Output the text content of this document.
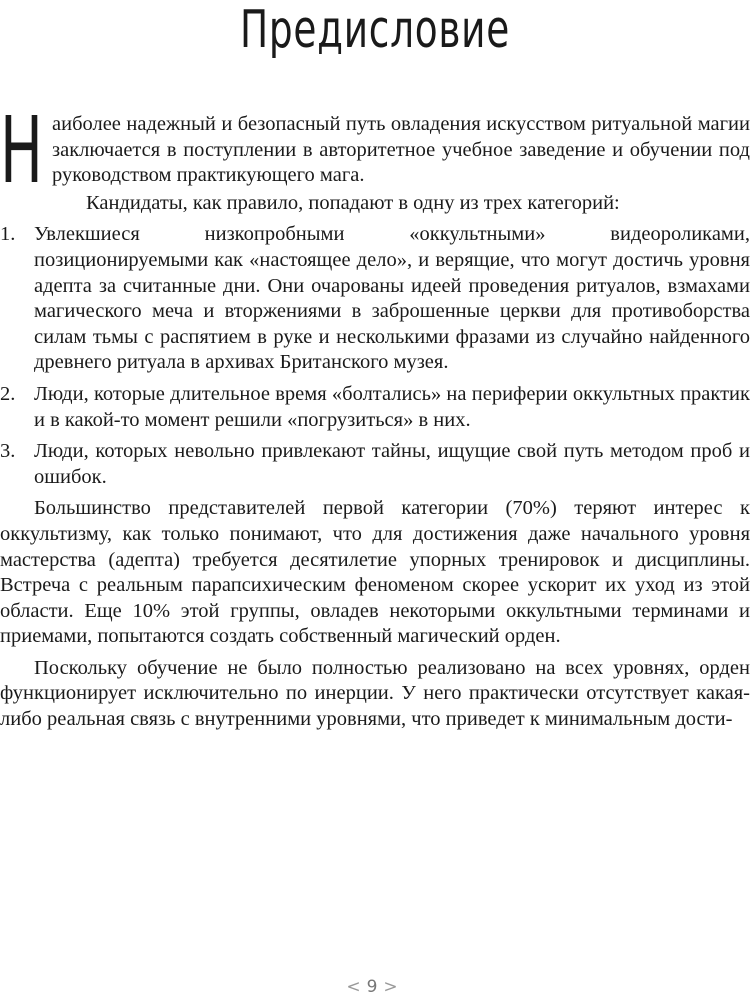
Предисловие

Наиболее надежный и безопасный путь овладения искусством ритуальной магии заключается в поступлении в авторитетное учебное заведение и обучении под руководством практикующего мага.

Кандидаты, как правило, попадают в одну из трех категорий:

1. Увлекшиеся низкопробными «оккультными» видеороликами, позиционируемыми как «настоящее дело», и верящие, что могут достичь уровня адепта за считанные дни. Они очарованы идеей проведения ритуалов, взмахами магического меча и вторжениями в заброшенные церкви для противоборства силам тьмы с распятием в руке и несколькими фразами из случайно найденного древнего ритуала в архивах Британского музея.
2. Люди, которые длительное время «болтались» на периферии оккультных практик и в какой-то момент решили «погрузиться» в них.
3. Люди, которых невольно привлекают тайны, ищущие свой путь методом проб и ошибок.

Большинство представителей первой категории (70%) теряют интерес к оккультизму, как только понимают, что для достижения даже начального уровня мастерства (адепта) требуется десятилетие упорных тренировок и дисциплины. Встреча с реальным парапсихическим феноменом скорее ускорит их уход из этой области. Еще 10% этой группы, овладев некоторыми оккультными терминами и приемами, попытаются создать собственный магический орден.

Поскольку обучение не было полностью реализовано на всех уровнях, орден функционирует исключительно по инерции. У него практически отсутствует какая-либо реальная связь с внутренними уровнями, что приведет к минимальным дости-

<9>
